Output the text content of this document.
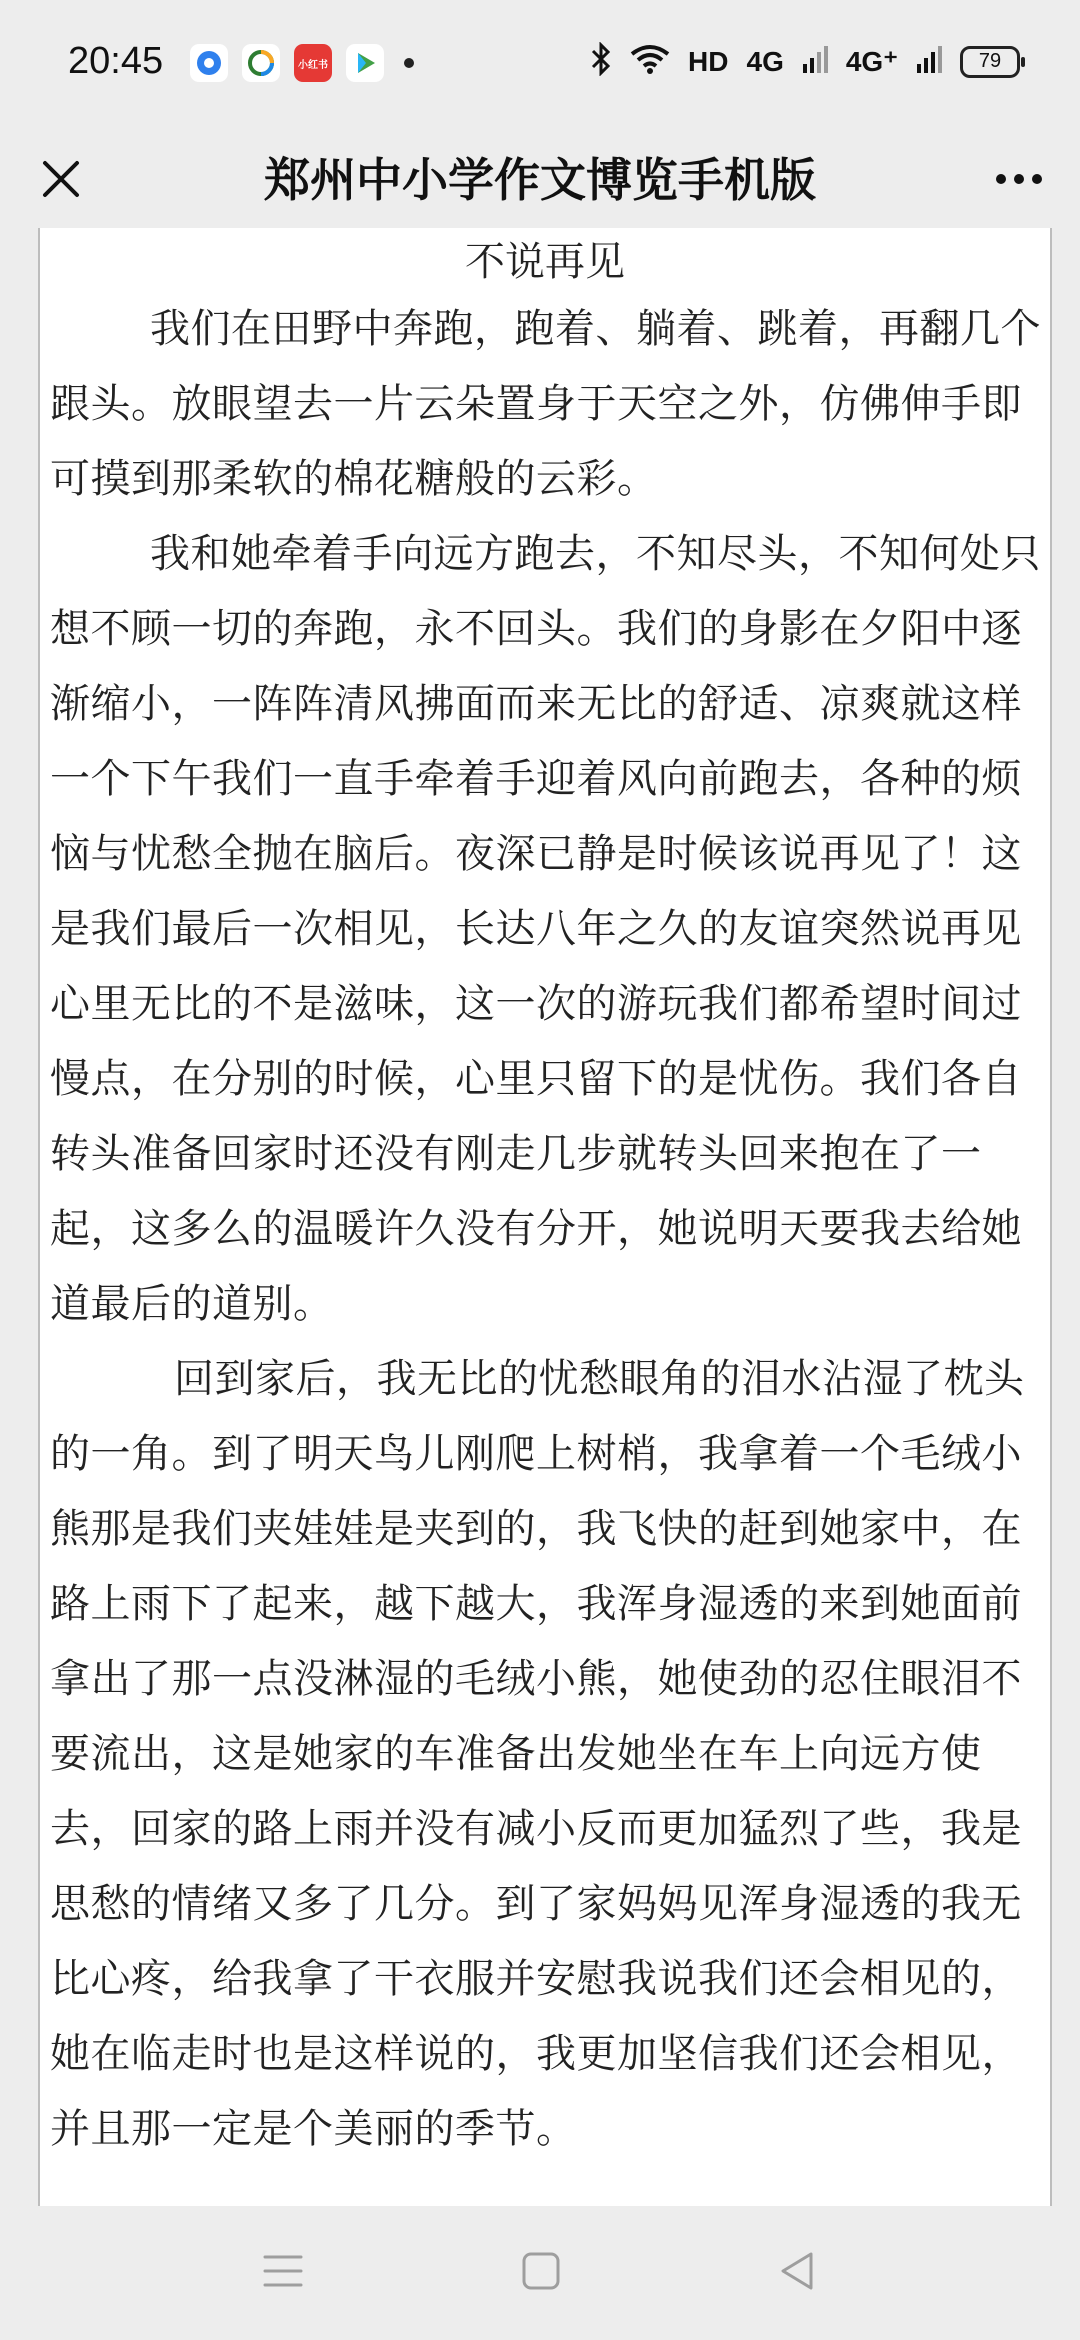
20:45	小红书	HD 4G 4G⁺	79
郑州中小学作文博览手机版
不说再见

我们在田野中奔跑，跑着、躺着、跳着，再翻几个跟头。放眼望去一片云朵置身于天空之外，仿佛伸手即可摸到那柔软的棉花糖般的云彩。

我和她牵着手向远方跑去，不知尽头，不知何处只想不顾一切的奔跑，永不回头。我们的身影在夕阳中逐渐缩小，一阵阵清风拂面而来无比的舒适、凉爽就这样一个下午我们一直手牵着手迎着风向前跑去，各种的烦恼与忧愁全抛在脑后。夜深已静是时候该说再见了！这是我们最后一次相见，长达八年之久的友谊突然说再见心里无比的不是滋味，这一次的游玩我们都希望时间过慢点，在分别的时候，心里只留下的是忧伤。我们各自转头准备回家时还没有刚走几步就转头回来抱在了一起，这多么的温暖许久没有分开，她说明天要我去给她道最后的道别。

回到家后，我无比的忧愁眼角的泪水沾湿了枕头的一角。到了明天鸟儿刚爬上树梢，我拿着一个毛绒小熊那是我们夹娃娃是夹到的，我飞快的赶到她家中，在路上雨下了起来，越下越大，我浑身湿透的来到她面前拿出了那一点没淋湿的毛绒小熊，她使劲的忍住眼泪不要流出，这是她家的车准备出发她坐在车上向远方使去，回家的路上雨并没有减小反而更加猛烈了些，我是思愁的情绪又多了几分。到了家妈妈见浑身湿透的我无比心疼，给我拿了干衣服并安慰我说我们还会相见的，她在临走时也是这样说的，我更加坚信我们还会相见，并且那一定是个美丽的季节。
